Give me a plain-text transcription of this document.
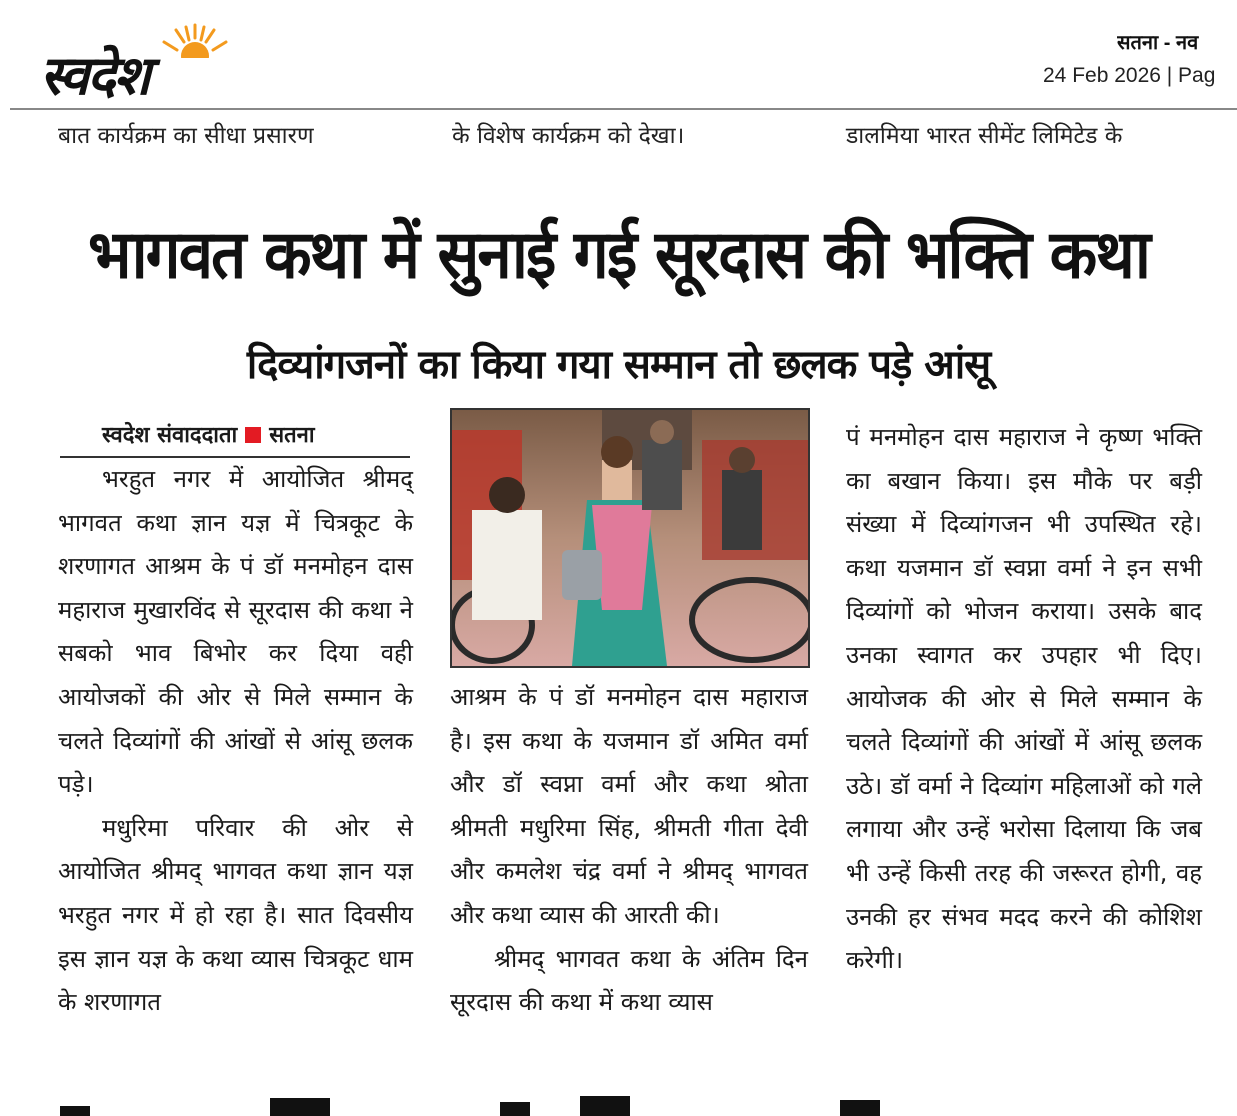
स्वदेश
सतना - नव
24 Feb 2026 | Pag
बात कार्यक्रम का सीधा प्रसारण	के विशेष कार्यक्रम को देखा।	डालमिया भारत सीमेंट लिमिटेड के
भागवत कथा में सुनाई गई सूरदास की भक्ति कथा
दिव्यांगजनों का किया गया सम्मान तो छलक पड़े आंसू
स्वदेश संवाददाता सतना

भरहुत नगर में आयोजित श्रीमद् भागवत कथा ज्ञान यज्ञ में चित्रकूट के शरणागत आश्रम के पं डॉ मनमोहन दास महाराज मुखारविंद से सूरदास की कथा ने सबको भाव बिभोर कर दिया वही आयोजकों की ओर से मिले सम्मान के चलते दिव्यांगों की आंखों से आंसू छलक पड़े।

मधुरिमा परिवार की ओर से आयोजित श्रीमद् भागवत कथा ज्ञान यज्ञ भरहुत नगर में हो रहा है। सात दिवसीय इस ज्ञान यज्ञ के कथा व्यास चित्रकूट धाम के शरणागत

आश्रम के पं डॉ मनमोहन दास महाराज है। इस कथा के यजमान डॉ अमित वर्मा और डॉ स्वप्ना वर्मा और कथा श्रोता श्रीमती मधुरिमा सिंह, श्रीमती गीता देवी और कमलेश चंद्र वर्मा ने श्रीमद् भागवत और कथा व्यास की आरती की।

श्रीमद् भागवत कथा के अंतिम दिन सूरदास की कथा में कथा व्यास

पं मनमोहन दास महाराज ने कृष्ण भक्ति का बखान किया। इस मौके पर बड़ी संख्या में दिव्यांगजन भी उपस्थित रहे। कथा यजमान डॉ स्वप्ना वर्मा ने इन सभी दिव्यांगों को भोजन कराया। उसके बाद उनका स्वागत कर उपहार भी दिए। आयोजक की ओर से मिले सम्मान के चलते दिव्यांगों की आंखों में आंसू छलक उठे। डॉ वर्मा ने दिव्यांग महिलाओं को गले लगाया और उन्हें भरोसा दिलाया कि जब भी उन्हें किसी तरह की जरूरत होगी, वह उनकी हर संभव मदद करने की कोशिश करेगी।
